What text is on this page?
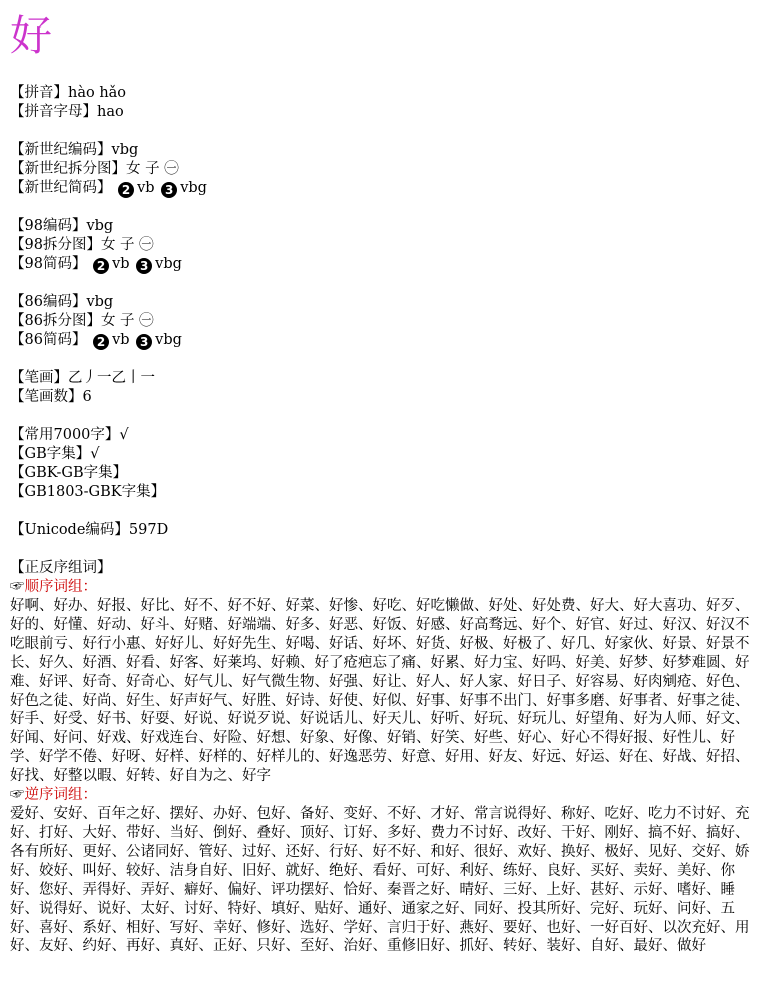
好
【拼音】hào hǎo
【拼音字母】hao
【新世纪编码】vbg
【新世纪拆分图】女 子 ㊀
【新世纪简码】 2 vb 3 vbg
【98编码】vbg
【98拆分图】女 子 ㊀
【98简码】 2 vb 3 vbg
【86编码】vbg
【86拆分图】女 子 ㊀
【86简码】 2 vb 3 vbg
【笔画】乙丿一乙丨一
【笔画数】6
【常用7000字】√
【GB字集】√
【GBK-GB字集】
【GB1803-GBK字集】
【Unicode编码】597D
【正反序组词】
☞顺序词组：
好啊、好办、好报、好比、好不、好不好、好菜、好惨、好吃、好吃懒做、好处、好处费、好大、好大喜功、好歹、好的、好懂、好动、好斗、好赌、好端端、好多、好恶、好饭、好感、好高骛远、好个、好官、好过、好汉、好汉不吃眼前亏、好行小惠、好好儿、好好先生、好喝、好话、好坏、好货、好极、好极了、好几、好家伙、好景、好景不长、好久、好酒、好看、好客、好莱坞、好赖、好了疮疤忘了痛、好累、好力宝、好吗、好美、好梦、好梦难圆、好难、好评、好奇、好奇心、好气儿、好气微生物、好强、好让、好人、好人家、好日子、好容易、好肉剜疮、好色、好色之徒、好尚、好生、好声好气、好胜、好诗、好使、好似、好事、好事不出门、好事多磨、好事者、好事之徒、好手、好受、好书、好耍、好说、好说歹说、好说话儿、好天儿、好听、好玩、好玩儿、好望角、好为人师、好文、好闻、好问、好戏、好戏连台、好险、好想、好象、好像、好销、好笑、好些、好心、好心不得好报、好性儿、好学、好学不倦、好呀、好样、好样的、好样儿的、好逸恶劳、好意、好用、好友、好远、好运、好在、好战、好招、好找、好整以暇、好转、好自为之、好字
☞逆序词组：
爱好、安好、百年之好、摆好、办好、包好、备好、变好、不好、才好、常言说得好、称好、吃好、吃力不讨好、充好、打好、大好、带好、当好、倒好、叠好、顶好、订好、多好、费力不讨好、改好、干好、刚好、搞不好、搞好、各有所好、更好、公诸同好、管好、过好、还好、行好、好不好、和好、很好、欢好、换好、极好、见好、交好、娇好、姣好、叫好、较好、洁身自好、旧好、就好、绝好、看好、可好、利好、练好、良好、买好、卖好、美好、你好、您好、弄得好、弄好、癖好、偏好、评功摆好、恰好、秦晋之好、晴好、三好、上好、甚好、示好、嗜好、睡好、说得好、说好、太好、讨好、特好、填好、贴好、通好、通家之好、同好、投其所好、完好、玩好、问好、五好、喜好、系好、相好、写好、幸好、修好、选好、学好、言归于好、燕好、要好、也好、一好百好、以次充好、用好、友好、约好、再好、真好、正好、只好、至好、治好、重修旧好、抓好、转好、装好、自好、最好、做好
